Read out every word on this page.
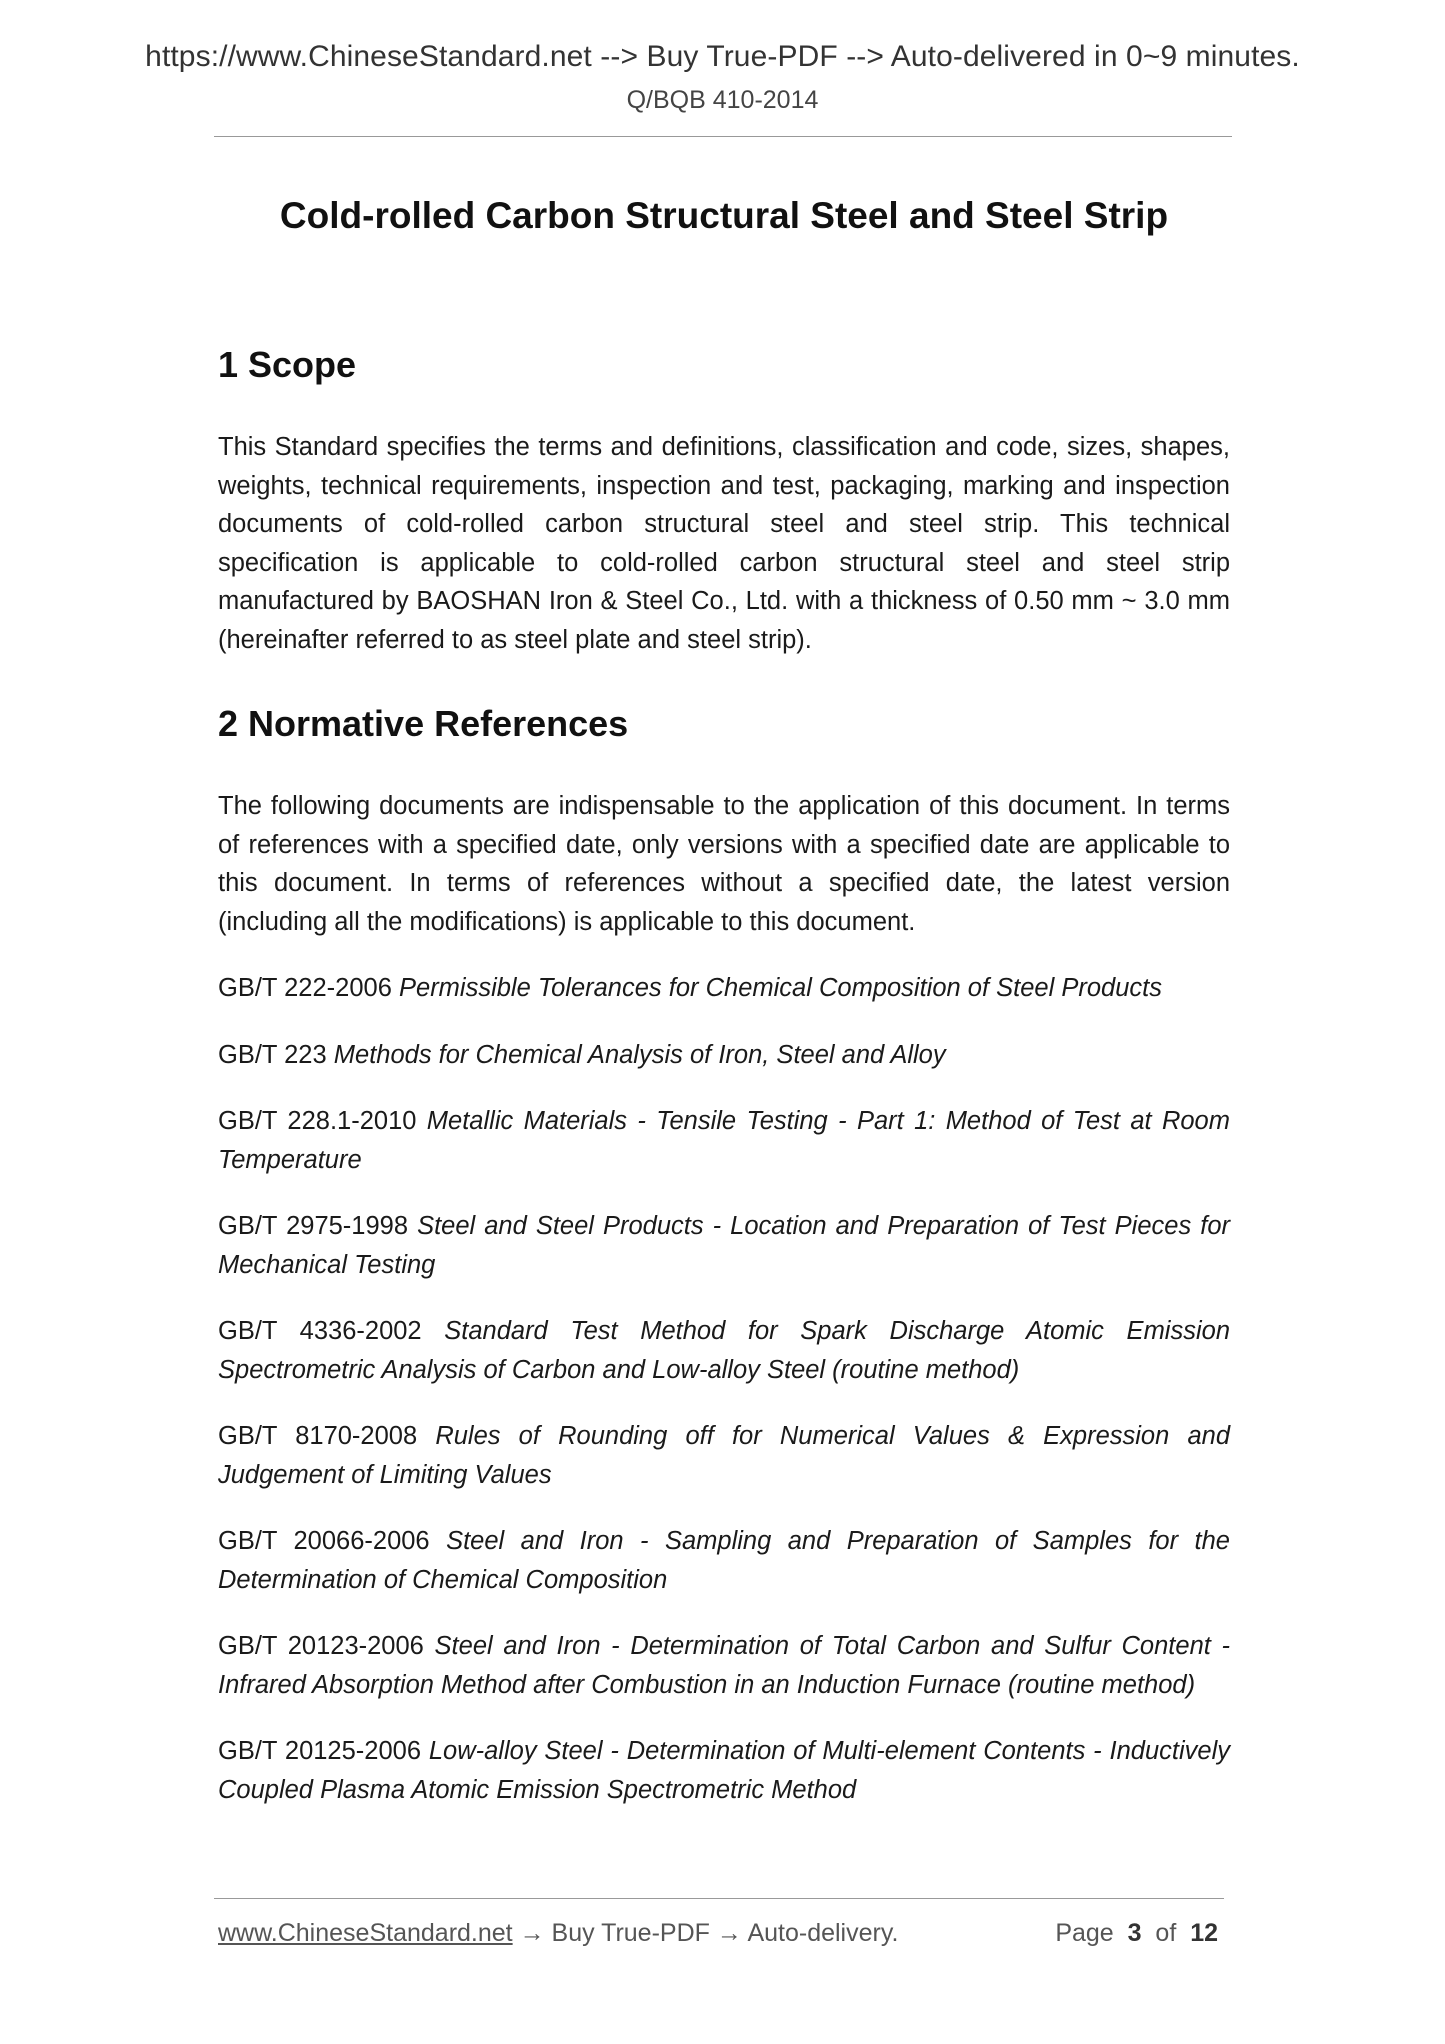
https://www.ChineseStandard.net --> Buy True-PDF --> Auto-delivered in 0~9 minutes.
Q/BQB 410-2014
Cold-rolled Carbon Structural Steel and Steel Strip
1 Scope

This Standard specifies the terms and definitions, classification and code, sizes, shapes, weights, technical requirements, inspection and test, packaging, marking and inspection documents of cold-rolled carbon structural steel and steel strip. This technical specification is applicable to cold-rolled carbon structural steel and steel strip manufactured by BAOSHAN Iron & Steel Co., Ltd. with a thickness of 0.50 mm ~ 3.0 mm (hereinafter referred to as steel plate and steel strip).

2 Normative References

The following documents are indispensable to the application of this document. In terms of references with a specified date, only versions with a specified date are applicable to this document. In terms of references without a specified date, the latest version (including all the modifications) is applicable to this document.

GB/T 222-2006 Permissible Tolerances for Chemical Composition of Steel Products

GB/T 223 Methods for Chemical Analysis of Iron, Steel and Alloy

GB/T 228.1-2010 Metallic Materials - Tensile Testing - Part 1: Method of Test at Room Temperature

GB/T 2975-1998 Steel and Steel Products - Location and Preparation of Test Pieces for Mechanical Testing

GB/T 4336-2002 Standard Test Method for Spark Discharge Atomic Emission Spectrometric Analysis of Carbon and Low-alloy Steel (routine method)

GB/T 8170-2008 Rules of Rounding off for Numerical Values & Expression and Judgement of Limiting Values

GB/T 20066-2006 Steel and Iron - Sampling and Preparation of Samples for the Determination of Chemical Composition

GB/T 20123-2006 Steel and Iron - Determination of Total Carbon and Sulfur Content - Infrared Absorption Method after Combustion in an Induction Furnace (routine method)

GB/T 20125-2006 Low-alloy Steel - Determination of Multi-element Contents - Inductively Coupled Plasma Atomic Emission Spectrometric Method

www.ChineseStandard.net → Buy True-PDF → Auto-delivery.	Page 3 of 12
